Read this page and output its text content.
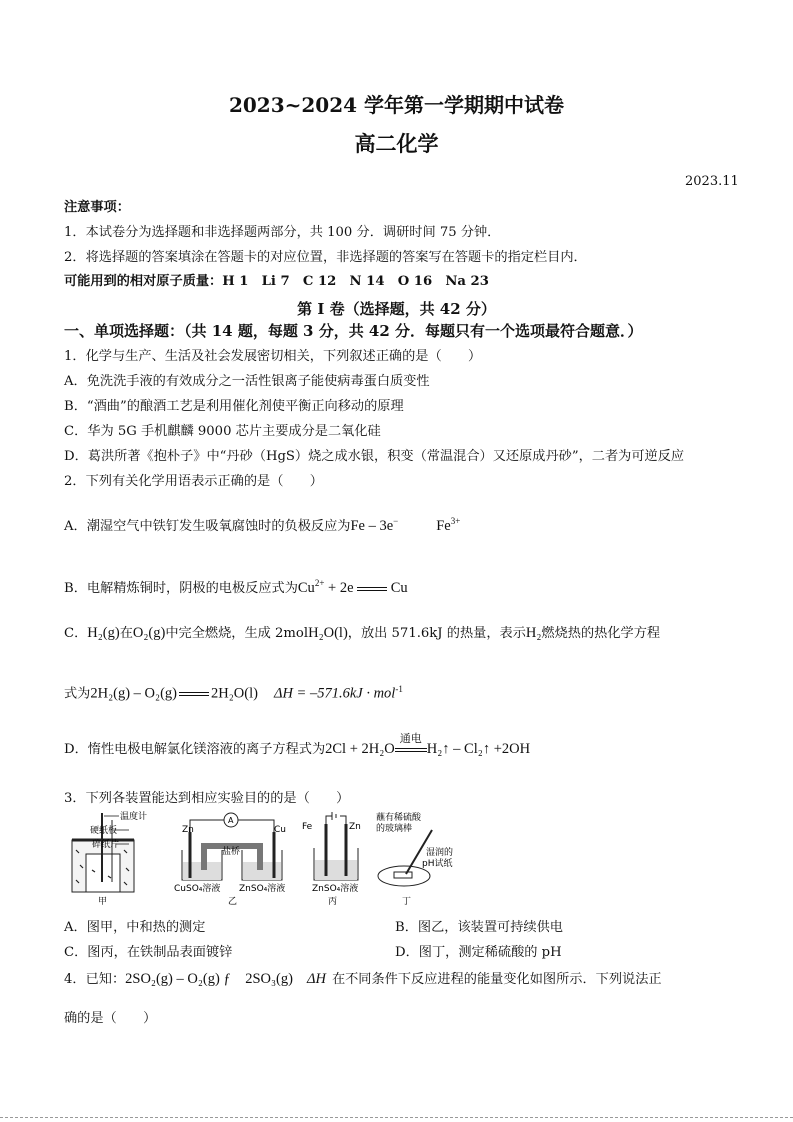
2023~2024 学年第一学期期中试卷
高二化学
2023.11
注意事项：
1．本试卷分为选择题和非选择题两部分，共 100 分．调研时间 75 分钟．
2．将选择题的答案填涂在答题卡的对应位置，非选择题的答案写在答题卡的指定栏目内．
可能用到的相对原子质量：H 1　Li 7　C 12　N 14　O 16　Na 23
第 I 卷（选择题，共 42 分）
一、单项选择题：（共 14 题，每题 3 分，共 42 分．每题只有一个选项最符合题意．）
1．化学与生产、生活及社会发展密切相关，下列叙述正确的是（　　）
A．免洗洗手液的有效成分之一活性银离子能使病毒蛋白质变性
B．“酒曲”的酿酒工艺是利用催化剂使平衡正向移动的原理
C．华为 5G 手机麒麟 9000 芯片主要成分是二氧化硅
D．葛洪所著《抱朴子》中“丹砂（HgS）烧之成水银，积变（常温混合）又还原成丹砂”，二者为可逆反应
2．下列有关化学用语表示正确的是（　　）
A．潮湿空气中铁钉发生吸氧腐蚀时的负极反应为Fe – 3e−	$Fe^{3+}$
B．电解精炼铜时，阴极的电极反应式为$Cu^{2+} + 2e$	Cu
C．H₂(g)在O₂(g)中完全燃烧，生成 2molH₂O(l)，放出 571.6kJ 的热量，表示H₂燃烧热的热化学方程
式为2H₂(g) – O₂(g) 2H₂O(l) ΔH = –571.6kJ · mol$^{-1}$
D．惰性电极电解氯化镁溶液的离子方程式为2Cl + 2H₂O
通电
H₂↑ – Cl₂↑ +2OH
3．下列各装置能达到相应实验目的的是（　　）
温度计
硬纸板
碎纸片
甲
A
Zn	Cu
盐桥
CuSO₄溶液 ZnSO₄溶液
乙
Fe	Zn
ZnSO₄溶液
丙
蘸有稀硫酸
的玻璃棒
湿润的
pH试纸
丁
A．图甲，中和热的测定	B．图乙，该装置可持续供电
C．图丙，在铁制品表面镀锌	D．图丁，测定稀硫酸的 pH
4．已知：2SO₂(g) – O₂(g) ƒ　2SO₃(g) ΔH 在不同条件下反应进程的能量变化如图所示．下列说法正
确的是（　　）
